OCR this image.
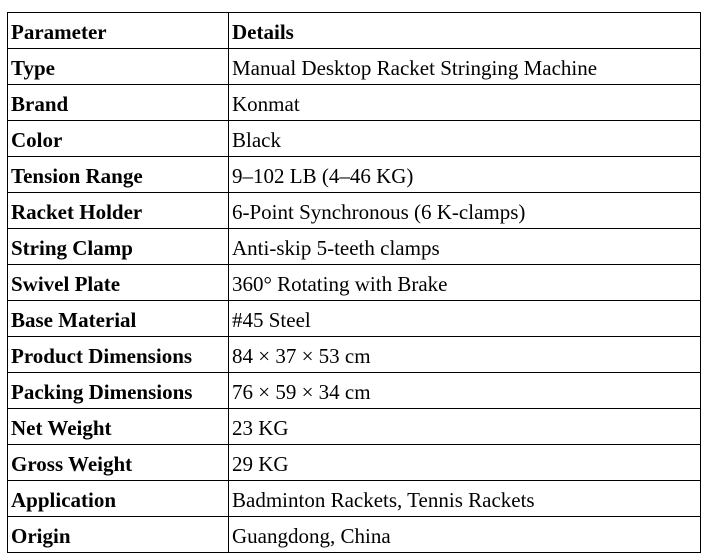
Parameter	Details
Type	Manual Desktop Racket Stringing Machine
Brand	Konmat
Color	Black
Tension Range	9–102 LB (4–46 KG)
Racket Holder	6-Point Synchronous (6 K-clamps)
String Clamp	Anti-skip 5-teeth clamps
Swivel Plate	360° Rotating with Brake
Base Material	#45 Steel
Product Dimensions	84 × 37 × 53 cm
Packing Dimensions	76 × 59 × 34 cm
Net Weight	23 KG
Gross Weight	29 KG
Application	Badminton Rackets, Tennis Rackets
Origin	Guangdong, China
